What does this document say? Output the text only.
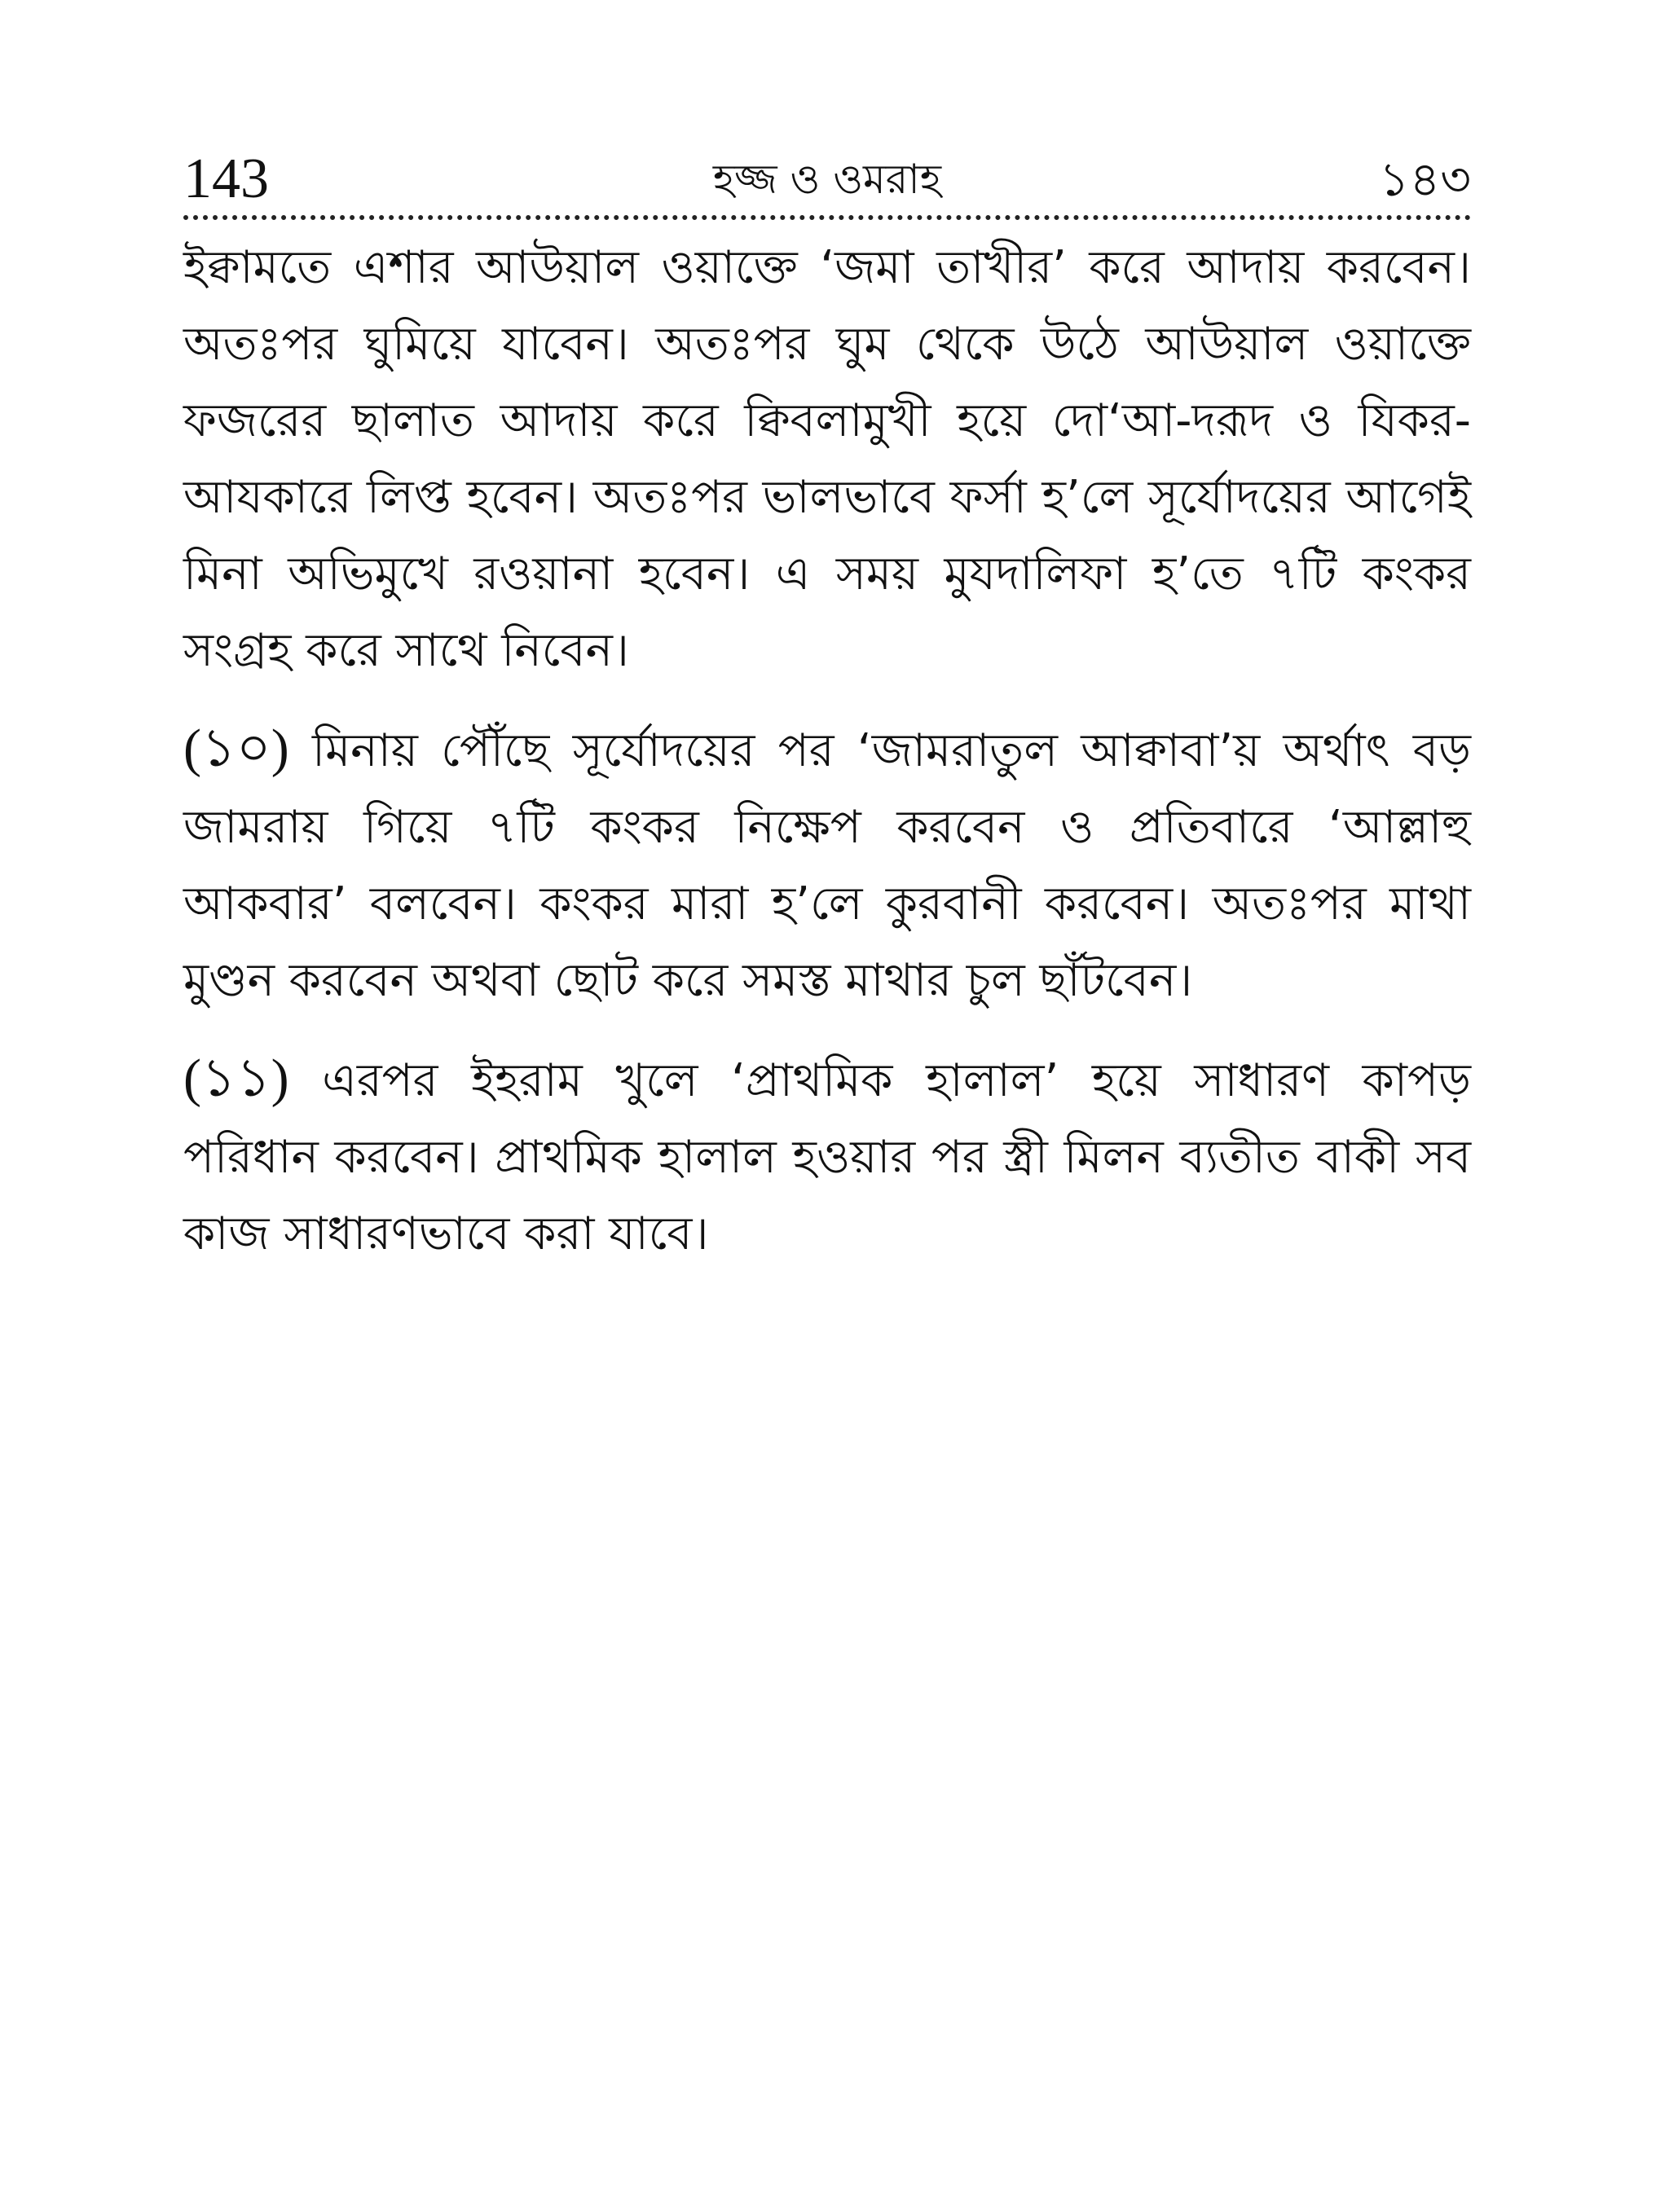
143	হজ্জ ও ওমরাহ	১৪৩

ইক্বামতে এশার আউয়াল ওয়াক্তে ‘জমা তাখীর’ করে আদায় করবেন। অতঃপর ঘুমিয়ে যাবেন। অতঃপর ঘুম থেকে উঠে আউয়াল ওয়াক্তে ফজরের ছালাত আদায় করে ক্বিবলামুখী হয়ে দো‘আ-দরূদ ও যিকর-আযকারে লিপ্ত হবেন। অতঃপর ভালভাবে ফর্সা হ’লে সূর্যোদয়ের আগেই মিনা অভিমুখে রওয়ানা হবেন। এ সময় মুযদালিফা হ’তে ৭টি কংকর সংগ্রহ করে সাথে নিবেন।

(১০) মিনায় পৌঁছে সূর্যোদয়ের পর ‘জামরাতুল আক্বাবা’য় অর্থাৎ বড় জামরায় গিয়ে ৭টি কংকর নিক্ষেপ করবেন ও প্রতিবারে ‘আল্লাহু আকবার’ বলবেন। কংকর মারা হ’লে কুরবানী করবেন। অতঃপর মাথা মুণ্ডন করবেন অথবা ছোট করে সমস্ত মাথার চুল ছাঁটবেন।

(১১) এরপর ইহরাম খুলে ‘প্রাথমিক হালাল’ হয়ে সাধারণ কাপড় পরিধান করবেন। প্রাথমিক হালাল হওয়ার পর স্ত্রী মিলন ব্যতীত বাকী সব কাজ সাধারণভাবে করা যাবে।
